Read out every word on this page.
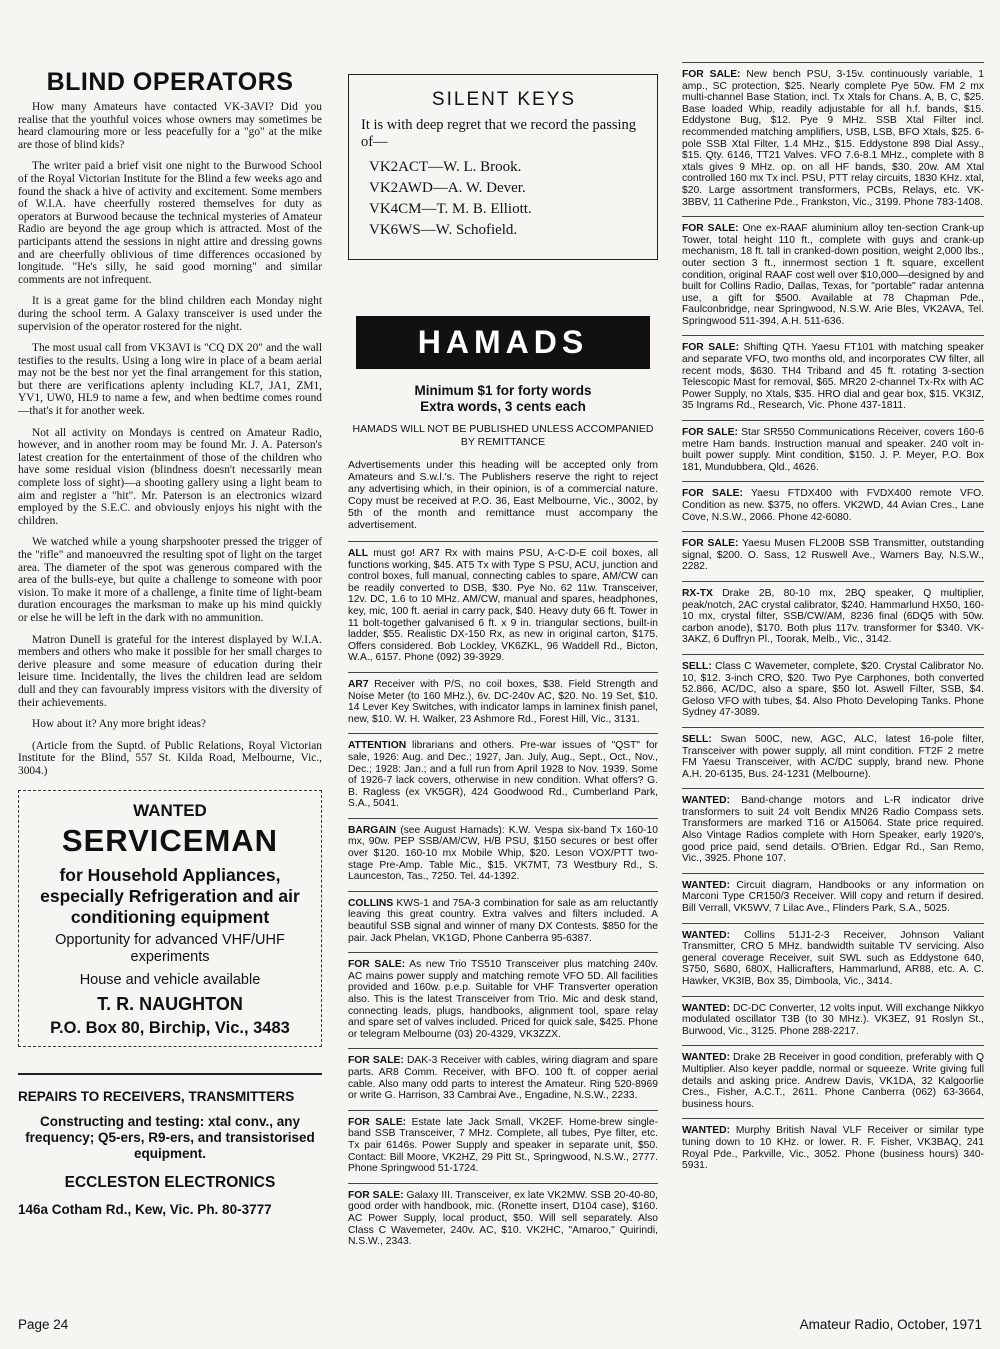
BLIND OPERATORS

How many Amateurs have contacted VK-3AVI? Did you realise that the youthful voices whose owners may sometimes be heard clamouring more or less peacefully for a "go" at the mike are those of blind kids?

The writer paid a brief visit one night to the Burwood School of the Royal Victorian Institute for the Blind a few weeks ago and found the shack a hive of activity and excitement. Some members of W.I.A. have cheerfully rostered themselves for duty as operators at Burwood because the technical mysteries of Amateur Radio are beyond the age group which is attracted. Most of the participants attend the sessions in night attire and dressing gowns and are cheerfully oblivious of time differences occasioned by longitude. "He's silly, he said good morning" and similar comments are not infrequent.

It is a great game for the blind children each Monday night during the school term. A Galaxy transceiver is used under the supervision of the operator rostered for the night.

The most usual call from VK3AVI is "CQ DX 20" and the wall testifies to the results. Using a long wire in place of a beam aerial may not be the best nor yet the final arrangement for this station, but there are verifications aplenty including KL7, JA1, ZM1, YV1, UW0, HL9 to name a few, and when bedtime comes round—that's it for another week.

Not all activity on Mondays is centred on Amateur Radio, however, and in another room may be found Mr. J. A. Paterson's latest creation for the entertainment of those of the children who have some residual vision (blindness doesn't necessarily mean complete loss of sight)—a shooting gallery using a light beam to aim and register a "hit". Mr. Paterson is an electronics wizard employed by the S.E.C. and obviously enjoys his night with the children.

We watched while a young sharpshooter pressed the trigger of the "rifle" and manoeuvred the resulting spot of light on the target area. The diameter of the spot was generous compared with the area of the bulls-eye, but quite a challenge to someone with poor vision. To make it more of a challenge, a finite time of light-beam duration encourages the marksman to make up his mind quickly or else he will be left in the dark with no ammunition.

Matron Dunell is grateful for the interest displayed by W.I.A. members and others who make it possible for her small charges to derive pleasure and some measure of education during their leisure time. Incidentally, the lives the children lead are seldom dull and they can favourably impress visitors with the diversity of their achievements.

How about it? Any more bright ideas?

(Article from the Suptd. of Public Relations, Royal Victorian Institute for the Blind, 557 St. Kilda Road, Melbourne, Vic., 3004.)

WANTED
SERVICEMAN
for Household Appliances, especially Refrigeration and air conditioning equipment
Opportunity for advanced VHF/UHF experiments
House and vehicle available
T. R. NAUGHTON
P.O. Box 80, Birchip, Vic., 3483
REPAIRS TO RECEIVERS, TRANSMITTERS
Constructing and testing: xtal conv., any frequency; Q5-ers, R9-ers, and transistorised equipment.
ECCLESTON ELECTRONICS
146a Cotham Rd., Kew, Vic. Ph. 80-3777
SILENT KEYS

It is with deep regret that we record the passing of—

VK2ACT—W. L. Brook.
VK2AWD—A. W. Dever.
VK4CM—T. M. B. Elliott.
VK6WS—W. Schofield.
HAMADS
Minimum $1 for forty words
Extra words, 3 cents each
HAMADS WILL NOT BE PUBLISHED UNLESS ACCOMPANIED BY REMITTANCE
Advertisements under this heading will be accepted only from Amateurs and S.w.l.'s. The Publishers reserve the right to reject any advertising which, in their opinion, is of a commercial nature. Copy must be received at P.O. 36, East Melbourne, Vic., 3002, by 5th of the month and remittance must accompany the advertisement.
ALL must go! AR7 Rx with mains PSU, A-C-D-E coil boxes, all functions working, $45. AT5 Tx with Type S PSU, ACU, junction and control boxes, full manual, connecting cables to spare, AM/CW can be readily converted to DSB, $30. Pye No. 62 11w. Transceiver, 12v. DC, 1.6 to 10 MHz. AM/CW, manual and spares, headphones, key, mic, 100 ft. aerial in carry pack, $40. Heavy duty 66 ft. Tower in 11 bolt-together galvanised 6 ft. x 9 in. triangular sections, built-in ladder, $55. Realistic DX-150 Rx, as new in original carton, $175. Offers considered. Bob Lockley, VK6ZKL, 96 Waddell Rd., Bicton, W.A., 6157. Phone (092) 39-3929.
AR7 Receiver with P/S, no coil boxes, $38. Field Strength and Noise Meter (to 160 MHz.), 6v. DC-240v AC, $20. No. 19 Set, $10. 14 Lever Key Switches, with indicator lamps in laminex finish panel, new, $10. W. H. Walker, 23 Ashmore Rd., Forest Hill, Vic., 3131.
ATTENTION librarians and others. Pre-war issues of "QST" for sale, 1926: Aug. and Dec.; 1927, Jan. July, Aug., Sept., Oct., Nov., Dec.; 1928: Jan.; and a full run from April 1928 to Nov. 1939. Some of 1926-7 lack covers, otherwise in new condition. What offers? G. B. Ragless (ex VK5GR), 424 Goodwood Rd., Cumberland Park, S.A., 5041.
BARGAIN (see August Hamads): K.W. Vespa six-band Tx 160-10 mx, 90w. PEP SSB/AM/CW, H/B PSU, $150 secures or best offer over $120. 160-10 mx Mobile Whip, $20. Leson VOX/PTT two-stage Pre-Amp. Table Mic., $15. VK7MT, 73 Westbury Rd., S. Launceston, Tas., 7250. Tel. 44-1392.
COLLINS KWS-1 and 75A-3 combination for sale as am reluctantly leaving this great country. Extra valves and filters included. A beautiful SSB signal and winner of many DX Contests. $850 for the pair. Jack Phelan, VK1GD, Phone Canberra 95-6387.
FOR SALE: As new Trio TS510 Transceiver plus matching 240v. AC mains power supply and matching remote VFO 5D. All facilities provided and 160w. p.e.p. Suitable for VHF Transverter operation also. This is the latest Transceiver from Trio. Mic and desk stand, connecting leads, plugs, handbooks, alignment tool, spare relay and spare set of valves included. Priced for quick sale, $425. Phone or telegram Melbourne (03) 20-4329, VK3ZZX.
FOR SALE: DAK-3 Receiver with cables, wiring diagram and spare parts. AR8 Comm. Receiver, with BFO. 100 ft. of copper aerial cable. Also many odd parts to interest the Amateur. Ring 520-8969 or write G. Harrison, 33 Cambrai Ave., Engadine, N.S.W., 2233.
FOR SALE: Estate late Jack Small, VK2EF. Home-brew single-band SSB Transceiver, 7 MHz. Complete, all tubes, Pye filter, etc. Tx pair 6146s. Power Supply and speaker in separate unit, $50. Contact: Bill Moore, VK2HZ, 29 Pitt St., Springwood, N.S.W., 2777. Phone Springwood 51-1724.
FOR SALE: Galaxy III. Transceiver, ex late VK2MW. SSB 20-40-80, good order with handbook, mic. (Ronette insert, D104 case), $160. AC Power Supply, local product, $50. Will sell separately. Also Class C Wavemeter, 240v. AC, $10. VK2HC, "Amaroo," Quirindi, N.S.W., 2343.
FOR SALE: New bench PSU, 3-15v. continuously variable, 1 amp., SC protection, $25. Nearly complete Pye 50w. FM 2 mx multi-channel Base Station, incl. Tx Xtals for Chans. A, B, C, $25. Base loaded Whip, readily adjustable for all h.f. bands, $15. Eddystone Bug, $12. Pye 9 MHz. SSB Xtal Filter incl. recommended matching amplifiers, USB, LSB, BFO Xtals, $25. 6-pole SSB Xtal Filter, 1.4 MHz., $15. Eddystone 898 Dial Assy., $15. Qty. 6146, TT21 Valves. VFO 7.6-8.1 MHz., complete with 8 xtals gives 9 MHz. op. on all HF bands, $30. 20w. AM Xtal controlled 160 mx Tx incl. PSU, PTT relay circuits, 1830 KHz. xtal, $20. Large assortment transformers, PCBs, Relays, etc. VK-3BBV, 11 Catherine Pde., Frankston, Vic., 3199. Phone 783-1408.
FOR SALE: One ex-RAAF aluminium alloy ten-section Crank-up Tower, total height 110 ft., complete with guys and crank-up mechanism, 18 ft. tall in cranked-down position, weight 2,000 lbs., outer section 3 ft., innermost section 1 ft. square, excellent condition, original RAAF cost well over $10,000—designed by and built for Collins Radio, Dallas, Texas, for "portable" radar antenna use, a gift for $500. Available at 78 Chapman Pde., Faulconbridge, near Springwood, N.S.W. Arie Bles, VK2AVA, Tel. Springwood 511-394, A.H. 511-636.
FOR SALE: Shifting QTH. Yaesu FT101 with matching speaker and separate VFO, two months old, and incorporates CW filter, all recent mods, $630. TH4 Triband and 45 ft. rotating 3-section Telescopic Mast for removal, $65. MR20 2-channel Tx-Rx with AC Power Supply, no Xtals, $35. HRO dial and gear box, $15. VK3IZ, 35 Ingrams Rd., Research, Vic. Phone 437-1811.
FOR SALE: Star SR550 Communications Receiver, covers 160-6 metre Ham bands. Instruction manual and speaker. 240 volt in-built power supply. Mint condition, $150. J. P. Meyer, P.O. Box 181, Mundubbera, Qld., 4626.
FOR SALE: Yaesu FTDX400 with FVDX400 remote VFO. Condition as new. $375, no offers. VK2WD, 44 Avian Cres., Lane Cove, N.S.W., 2066. Phone 42-6080.
FOR SALE: Yaesu Musen FL200B SSB Transmitter, outstanding signal, $200. O. Sass, 12 Ruswell Ave., Warners Bay, N.S.W., 2282.
RX-TX Drake 2B, 80-10 mx, 2BQ speaker, Q multiplier, peak/notch, 2AC crystal calibrator, $240. Hammarlund HX50, 160-10 mx, crystal filter, SSB/CW/AM, 8236 final (6DQ5 with 50w. carbon anode), $170. Both plus 117v. transformer for $340. VK-3AKZ, 6 Duffryn Pl., Toorak, Melb., Vic., 3142.
SELL: Class C Wavemeter, complete, $20. Crystal Calibrator No. 10, $12. 3-inch CRO, $20. Two Pye Carphones, both converted 52.866, AC/DC, also a spare, $50 lot. Aswell Filter, SSB, $4. Geloso VFO with tubes, $4. Also Photo Developing Tanks. Phone Sydney 47-3089.
SELL: Swan 500C, new, AGC, ALC, latest 16-pole filter, Transceiver with power supply, all mint condition. FT2F 2 metre FM Yaesu Transceiver, with AC/DC supply, brand new. Phone A.H. 20-6135, Bus. 24-1231 (Melbourne).
WANTED: Band-change motors and L-R indicator drive transformers to suit 24 volt Bendix MN26 Radio Compass sets. Transformers are marked T16 or A15064. State price required. Also Vintage Radios complete with Horn Speaker, early 1920's, good price paid, send details. O'Brien. Edgar Rd., San Remo, Vic., 3925. Phone 107.
WANTED: Circuit diagram, Handbooks or any information on Marconi Type CR150/3 Receiver. Will copy and return if desired. Bill Verrall, VK5WV, 7 Lilac Ave., Flinders Park, S.A., 5025.
WANTED: Collins 51J1-2-3 Receiver, Johnson Valiant Transmitter, CRO 5 MHz. bandwidth suitable TV servicing. Also general coverage Receiver, suit SWL such as Eddystone 640, S750, S680, 680X, Hallicrafters, Hammarlund, AR88, etc. A. C. Hawker, VK3IB, Box 35, Dimboola, Vic., 3414.
WANTED: DC-DC Converter, 12 volts input. Will exchange Nikkyo modulated oscillator T3B (to 30 MHz.). VK3EZ, 91 Roslyn St., Burwood, Vic., 3125. Phone 288-2217.
WANTED: Drake 2B Receiver in good condition, preferably with Q Multiplier. Also keyer paddle, normal or squeeze. Write giving full details and asking price. Andrew Davis, VK1DA, 32 Kalgoorlie Cres., Fisher, A.C.T., 2611. Phone Canberra (062) 63-3664, business hours.
WANTED: Murphy British Naval VLF Receiver or similar type tuning down to 10 KHz. or lower. R. F. Fisher, VK3BAQ, 241 Royal Pde., Parkville, Vic., 3052. Phone (business hours) 340-5931.
Page 24	Amateur Radio, October, 1971
